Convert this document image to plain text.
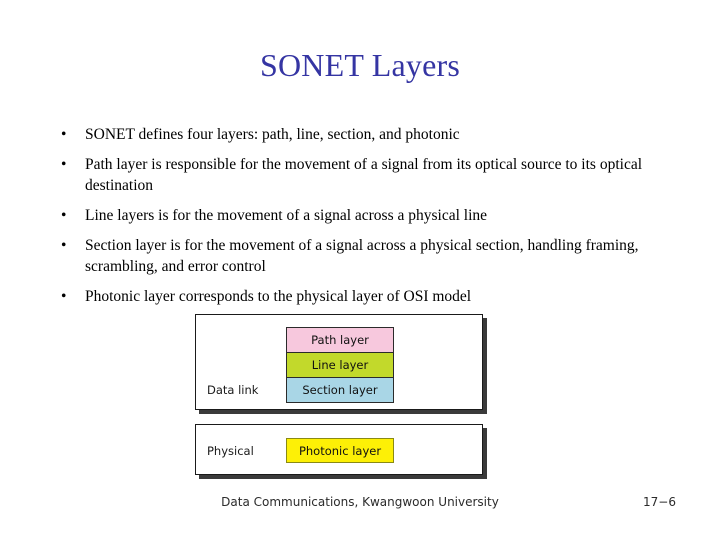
SONET Layers
• SONET defines four layers: path, line, section, and photonic
• Path layer is responsible for the movement of a signal from its optical source to its optical destination
• Line layers is for the movement of a signal across a physical line
• Section layer is for the movement of a signal across a physical section, handling framing, scrambling, and error control
• Photonic layer corresponds to the physical layer of OSI model
Data link
Path layer
Line layer
Section layer
Physical	Photonic layer
Data Communications, Kwangwoon University	17−6
